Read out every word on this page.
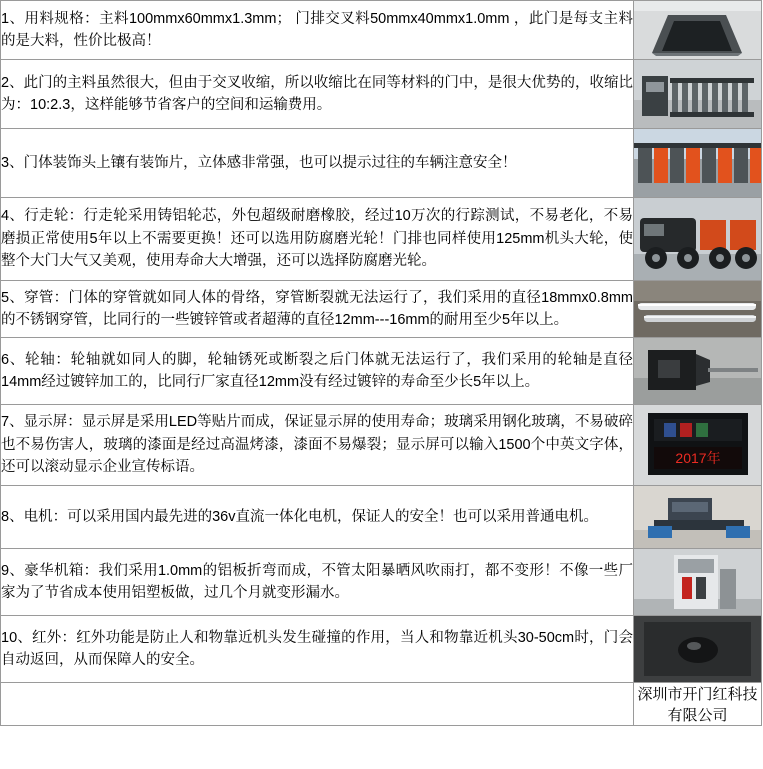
1、用料规格：主料100mmx60mmx1.3mm； 门排交叉料50mmx40mmx1.0mm ，此门是每支主料的是大料，性价比极高！	

2、此门的主料虽然很大，但由于交叉收缩，所以收缩比在同等材料的门中，是很大优势的，收缩比为：10:2.3，这样能够节省客户的空间和运输费用。	

3、门体装饰头上镶有装饰片，立体感非常强，也可以提示过往的车辆注意安全！	

4、行走轮：行走轮采用铸铝轮芯，外包超级耐磨橡胶，经过10万次的行踪测试，不易老化，不易磨损正常使用5年以上不需要更换！还可以选用防腐磨光轮！门排也同样使用125mm机头大轮，使整个大门大气又美观，使用寿命大大增强，还可以选择防腐磨光轮。	

5、穿管：门体的穿管就如同人体的骨络，穿管断裂就无法运行了，我们采用的直径18mmx0.8mm的不锈钢穿管，比同行的一些镀锌管或者超薄的直径12mm---16mm的耐用至少5年以上。	

6、轮轴：轮轴就如同人的脚，轮轴锈死或断裂之后门体就无法运行了，我们采用的轮轴是直径14mm经过镀锌加工的，比同行厂家直径12mm没有经过镀锌的寿命至少长5年以上。	

7、显示屏：显示屏是采用LED等贴片而成，保证显示屏的使用寿命；玻璃采用钢化玻璃，不易破碎也不易伤害人，玻璃的漆面是经过高温烤漆，漆面不易爆裂；显示屏可以输入1500个中英文字体，还可以滚动显示企业宣传标语。	2017年	

8、电机：可以采用国内最先进的36v直流一体化电机，保证人的安全！也可以采用普通电机。	

9、豪华机箱：我们采用1.0mm的铝板折弯而成，不管太阳暴晒风吹雨打，都不变形！不像一些厂家为了节省成本使用铝塑板做，过几个月就变形漏水。	

10、红外：红外功能是防止人和物靠近机头发生碰撞的作用，当人和物靠近机头30-50cm时，门会自动返回，从而保障人的安全。	

	深圳市开门红科技有限公司	
